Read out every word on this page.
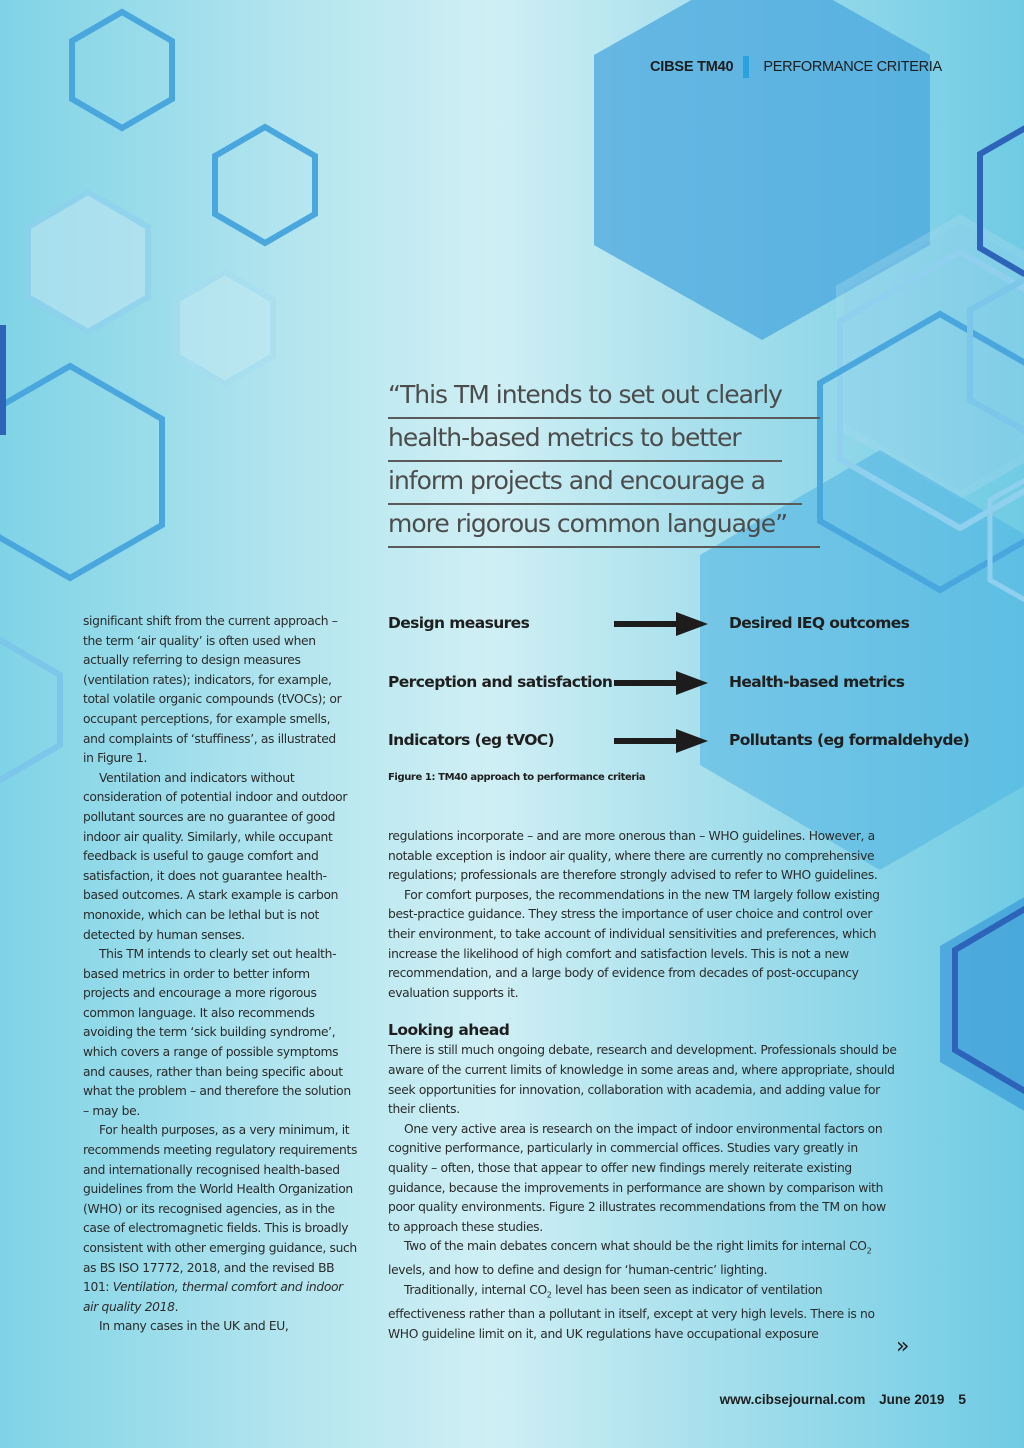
CIBSE TM40 PERFORMANCE CRITERIA
“This TM intends to set out clearly
health-based metrics to better
inform projects and encourage a
more rigorous common language”
Design measures	Desired IEQ outcomes
Perception and satisfaction	Health-based metrics
Indicators (eg tVOC)	Pollutants (eg formaldehyde)
Figure 1: TM40 approach to performance criteria

significant shift from the current approach – the term ‘air quality’ is often used when actually referring to design measures (ventilation rates); indicators, for example, total volatile organic compounds (tVOCs); or occupant perceptions, for example smells, and complaints of ‘stuffiness’, as illustrated in Figure 1.

Ventilation and indicators without consideration of potential indoor and outdoor pollutant sources are no guarantee of good indoor air quality. Similarly, while occupant feedback is useful to gauge comfort and satisfaction, it does not guarantee health-based outcomes. A stark example is carbon monoxide, which can be lethal but is not detected by human senses.

This TM intends to clearly set out health-based metrics in order to better inform projects and encourage a more rigorous common language. It also recommends avoiding the term ‘sick building syndrome’, which covers a range of possible symptoms and causes, rather than being specific about what the problem – and therefore the solution – may be.

For health purposes, as a very minimum, it recommends meeting regulatory requirements and internationally recognised health-based guidelines from the World Health Organization (WHO) or its recognised agencies, as in the case of electromagnetic fields. This is broadly consistent with other emerging guidance, such as BS ISO 17772, 2018, and the revised BB 101: Ventilation, thermal comfort and indoor air quality 2018.

In many cases in the UK and EU,

regulations incorporate – and are more onerous than – WHO guidelines. However, a notable exception is indoor air quality, where there are currently no comprehensive regulations; professionals are therefore strongly advised to refer to WHO guidelines.

For comfort purposes, the recommendations in the new TM largely follow existing best-practice guidance. They stress the importance of user choice and control over their environment, to take account of individual sensitivities and preferences, which increase the likelihood of high comfort and satisfaction levels. This is not a new recommendation, and a large body of evidence from decades of post-occupancy evaluation supports it.

Looking ahead

There is still much ongoing debate, research and development. Professionals should be aware of the current limits of knowledge in some areas and, where appropriate, should seek opportunities for innovation, collaboration with academia, and adding value for their clients.

One very active area is research on the impact of indoor environmental factors on cognitive performance, particularly in commercial offices. Studies vary greatly in quality – often, those that appear to offer new findings merely reiterate existing guidance, because the improvements in performance are shown by comparison with poor quality environments. Figure 2 illustrates recommendations from the TM on how to approach these studies.

Two of the main debates concern what should be the right limits for internal $CO_2$ levels, and how to define and design for ‘human-centric’ lighting.

Traditionally, internal $CO_2$ level has been seen as indicator of ventilation effectiveness rather than a pollutant in itself, except at very high levels. There is no WHO guideline limit on it, and UK regulations have occupational exposure

»
www.cibsejournal.com June 2019 5
